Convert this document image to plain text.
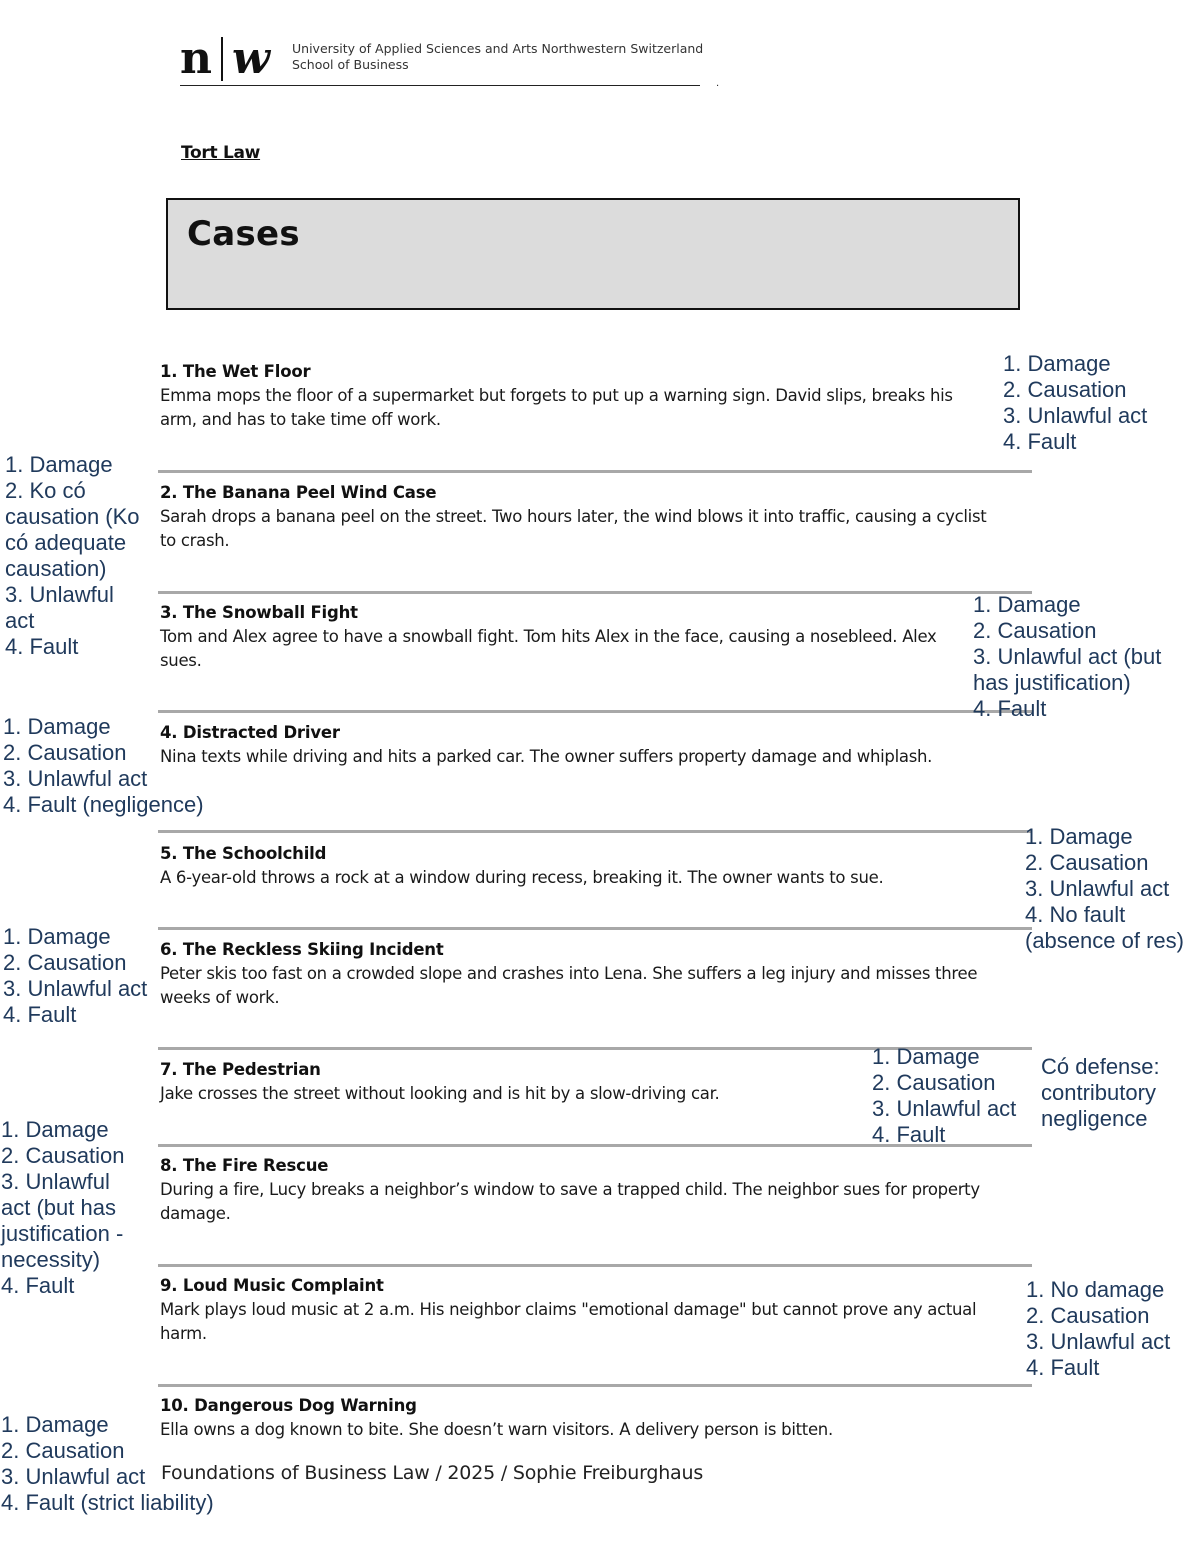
n w University of Applied Sciences and Arts Northwestern Switzerland
School of Business
.
Tort Law
Cases
1. The Wet Floor
Emma mops the floor of a supermarket but forgets to put up a warning sign. David slips, breaks his arm, and has to take time off work.
2. The Banana Peel Wind Case
Sarah drops a banana peel on the street. Two hours later, the wind blows it into traffic, causing a cyclist to crash.
3. The Snowball Fight
Tom and Alex agree to have a snowball fight. Tom hits Alex in the face, causing a nosebleed. Alex sues.
4. Distracted Driver
Nina texts while driving and hits a parked car. The owner suffers property damage and whiplash.
5. The Schoolchild
A 6-year-old throws a rock at a window during recess, breaking it. The owner wants to sue.
6. The Reckless Skiing Incident
Peter skis too fast on a crowded slope and crashes into Lena. She suffers a leg injury and misses three weeks of work.
7. The Pedestrian
Jake crosses the street without looking and is hit by a slow-driving car.
8. The Fire Rescue
During a fire, Lucy breaks a neighbor’s window to save a trapped child. The neighbor sues for property damage.
9. Loud Music Complaint
Mark plays loud music at 2 a.m. His neighbor claims "emotional damage" but cannot prove any actual harm.
10. Dangerous Dog Warning
Ella owns a dog known to bite. She doesn’t warn visitors. A delivery person is bitten.
Foundations of Business Law / 2025 / Sophie Freiburghaus
1. Damage
2. Causation
3. Unlawful act
4. Fault
1. Damage
2. Ko có
causation (Ko
có adequate
causation)
3. Unlawful
act
4. Fault
1. Damage
2. Causation
3. Unlawful act (but
has justification)
4. Fault
1. Damage
2. Causation
3. Unlawful act
4. Fault (negligence)
1. Damage
2. Causation
3. Unlawful act
4. No fault
(absence of res)
1. Damage
2. Causation
3. Unlawful act
4. Fault
1. Damage
2. Causation
3. Unlawful act
4. Fault
Có defense:
contributory
negligence
1. Damage
2. Causation
3. Unlawful
act (but has
justification -
necessity)
4. Fault	1. No damage
2. Causation
3. Unlawful act
4. Fault
1. Damage
2. Causation
3. Unlawful act
4. Fault (strict liability)
